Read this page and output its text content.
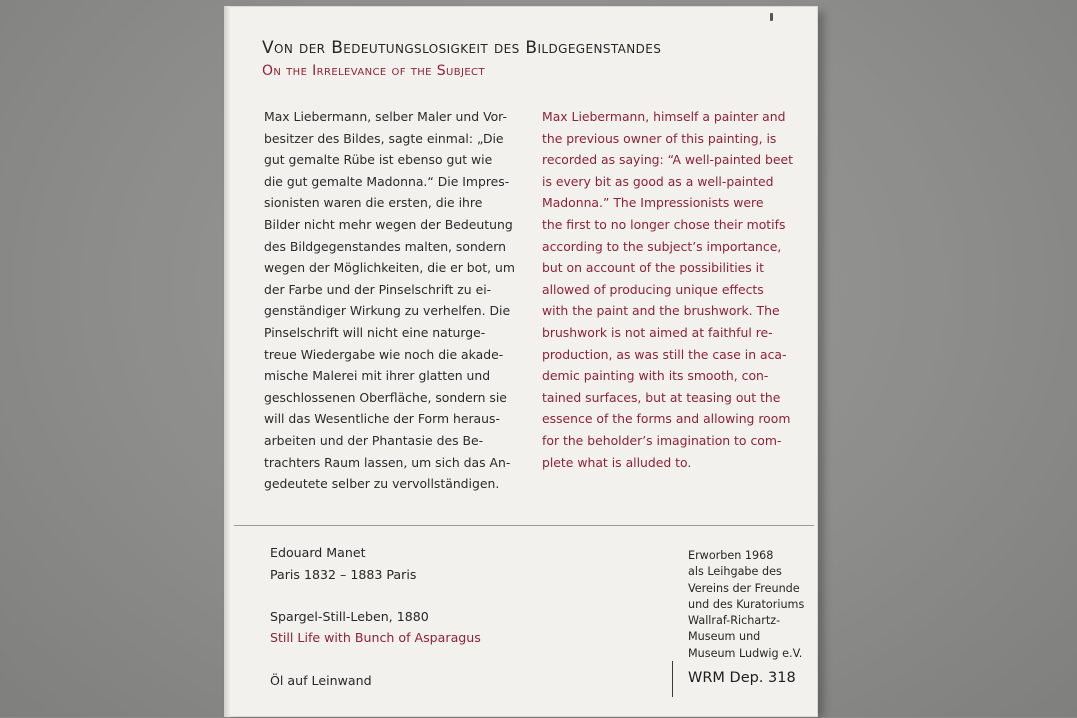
Von der Bedeutungslosigkeit des Bildgegenstandes
On the Irrelevance of the Subject
Max Liebermann, selber Maler und Vor-
besitzer des Bildes, sagte einmal: „Die
gut gemalte Rübe ist ebenso gut wie
die gut gemalte Madonna.“ Die Impres-
sionisten waren die ersten, die ihre
Bilder nicht mehr wegen der Bedeutung
des Bildgegenstandes malten, sondern
wegen der Möglichkeiten, die er bot, um
der Farbe und der Pinselschrift zu ei-
genständiger Wirkung zu verhelfen. Die
Pinselschrift will nicht eine naturge-
treue Wiedergabe wie noch die akade-
mische Malerei mit ihrer glatten und
geschlossenen Oberfläche, sondern sie
will das Wesentliche der Form heraus-
arbeiten und der Phantasie des Be-
trachters Raum lassen, um sich das An-
gedeutete selber zu vervollständigen.
Max Liebermann, himself a painter and
the previous owner of this painting, is
recorded as saying: “A well-painted beet
is every bit as good as a well-painted
Madonna.” The Impressionists were
the first to no longer chose their motifs
according to the subject’s importance,
but on account of the possibilities it
allowed of producing unique effects
with the paint and the brushwork. The
brushwork is not aimed at faithful re-
production, as was still the case in aca-
demic painting with its smooth, con-
tained surfaces, but at teasing out the
essence of the forms and allowing room
for the beholder’s imagination to com-
plete what is alluded to.
Edouard Manet
Paris 1832 – 1883 Paris
Spargel-Still-Leben, 1880
Still Life with Bunch of Asparagus
Öl auf Leinwand
Erworben 1968
als Leihgabe des
Vereins der Freunde
und des Kuratoriums
Wallraf-Richartz-
Museum und
Museum Ludwig e.V.
WRM Dep. 318
